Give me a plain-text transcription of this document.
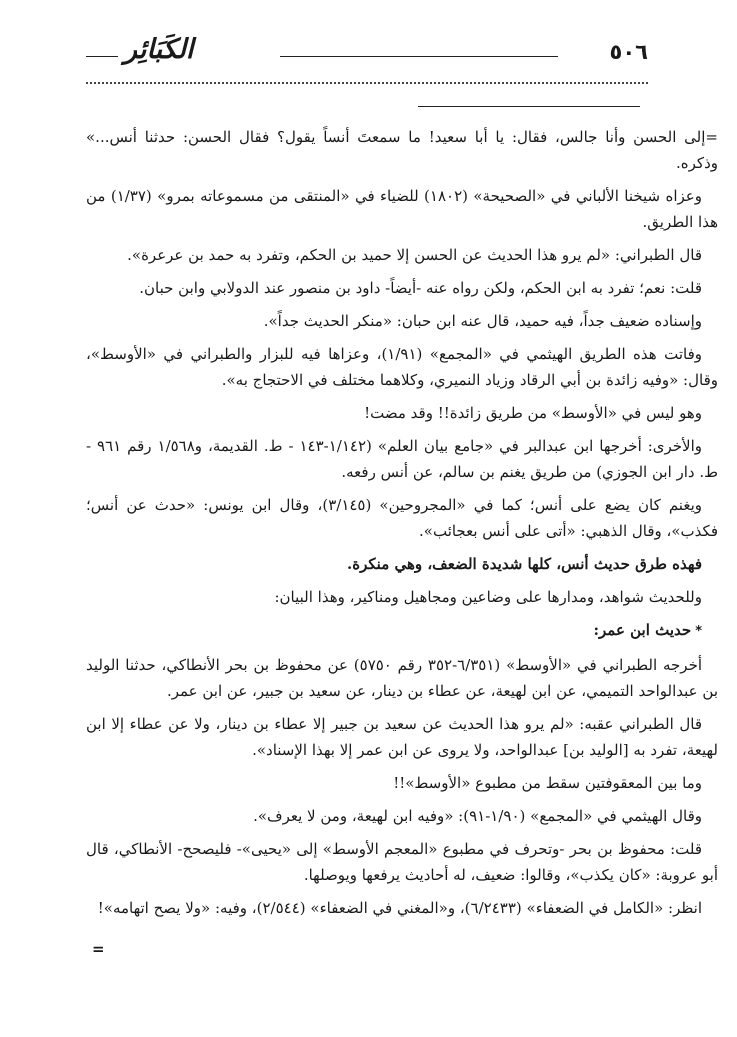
الكَبَائِر	٥٠٦

=إلى الحسن وأنا جالس، فقال: يا أبا سعيد! ما سمعتَ أنساً يقول؟ فقال الحسن: حدثنا أنس...» وذكره.

وعزاه شيخنا الألباني في «الصحيحة» (١٨٠٢) للضياء في «المنتقى من مسموعاته بمرو» (١/٣٧) من هذا الطريق.

قال الطبراني: «لم يرو هذا الحديث عن الحسن إلا حميد بن الحكم، وتفرد به حمد بن عرعرة».

قلت: نعم؛ تفرد به ابن الحكم، ولكن رواه عنه -أيضاً- داود بن منصور عند الدولابي وابن حبان.

وإسناده ضعيف جداً، فيه حميد، قال عنه ابن حبان: «منكر الحديث جداً».

وفاتت هذه الطريق الهيثمي في «المجمع» (١/٩١)، وعزاها فيه للبزار والطبراني في «الأوسط»، وقال: «وفيه زائدة بن أبي الرقاد وزياد النميري، وكلاهما مختلف في الاحتجاج به».

وهو ليس في «الأوسط» من طريق زائدة!! وقد مضت!

والأخرى: أخرجها ابن عبدالبر في «جامع بيان العلم» (١/١٤٢-١٤٣ - ط. القديمة، و١/٥٦٨ رقم ٩٦١ - ط. دار ابن الجوزي) من طريق يغنم بن سالم، عن أنس رفعه.

ويغنم كان يضع على أنس؛ كما في «المجروحين» (٣/١٤٥)، وقال ابن يونس: «حدث عن أنس؛ فكذب»، وقال الذهبي: «أتى على أنس بعجائب».

فهذه طرق حديث أنس، كلها شديدة الضعف، وهي منكرة.

وللحديث شواهد، ومدارها على وضاعين ومجاهيل ومناكير، وهذا البيان:

*حديث ابن عمر:

أخرجه الطبراني في «الأوسط» (٦/٣٥١-٣٥٢ رقم ٥٧٥٠) عن محفوظ بن بحر الأنطاكي، حدثنا الوليد بن عبدالواحد التميمي، عن ابن لهيعة، عن عطاء بن دينار، عن سعيد بن جبير، عن ابن عمر.

قال الطبراني عقبه: «لم يرو هذا الحديث عن سعيد بن جبير إلا عطاء بن دينار، ولا عن عطاء إلا ابن لهيعة، تفرد به [الوليد بن] عبدالواحد، ولا يروى عن ابن عمر إلا بهذا الإسناد».

وما بين المعقوفتين سقط من مطبوع «الأوسط»!!

وقال الهيثمي في «المجمع» (١/٩٠-٩١): «وفيه ابن لهيعة، ومن لا يعرف».

قلت: محفوظ بن بحر -وتحرف في مطبوع «المعجم الأوسط» إلى «يحيى»- فليصحح- الأنطاكي، قال أبو عروبة: «كان يكذب»، وقالوا: ضعيف، له أحاديث يرفعها ويوصلها.

انظر: «الكامل في الضعفاء» (٦/٢٤٣٣)، و«المغني في الضعفاء» (٢/٥٤٤)، وفيه: «ولا يصح اتهامه»!

=
